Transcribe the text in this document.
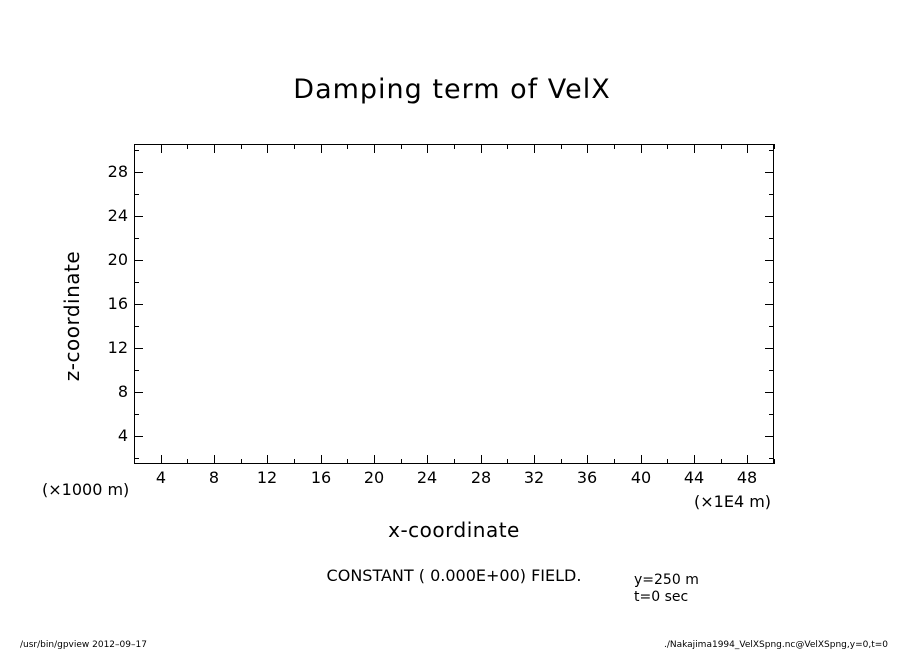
Damping term of VelX
z-coordinate
x-coordinate
(×1000 m)
(×1E4 m)
CONSTANT ( 0.000E+00) FIELD.	y=250 m
t=0 sec
/usr/bin/gpview 2012–09–17	./Nakajima1994_VelXSpng.nc@VelXSpng,y=0,t=0
4	8	12	16	20	24	28	32	36	40	44	48
4
8
12
16
20
24
28
